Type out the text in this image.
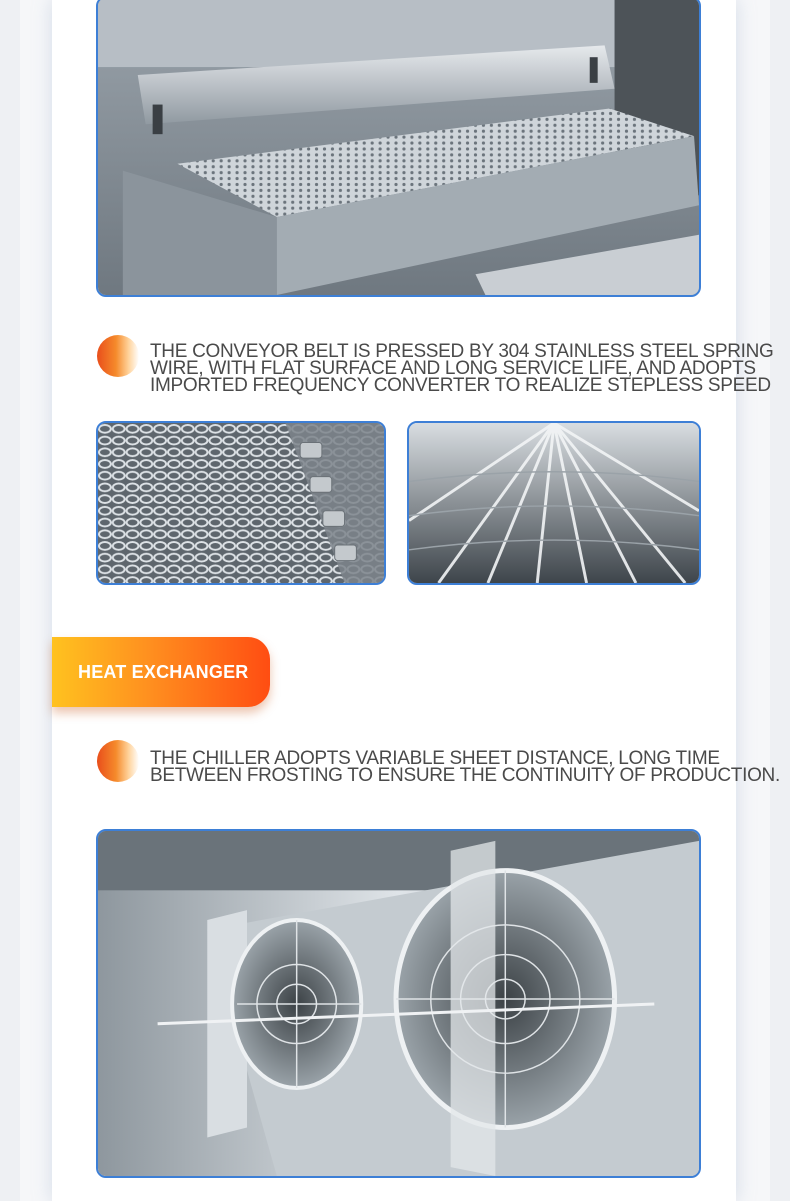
THE CONVEYOR BELT IS PRESSED BY 304 STAINLESS STEEL SPRING
WIRE, WITH FLAT SURFACE AND LONG SERVICE LIFE, AND ADOPTS
IMPORTED FREQUENCY CONVERTER TO REALIZE STEPLESS SPEED

HEAT EXCHANGER

THE CHILLER ADOPTS VARIABLE SHEET DISTANCE, LONG TIME
BETWEEN FROSTING TO ENSURE THE CONTINUITY OF PRODUCTION.
